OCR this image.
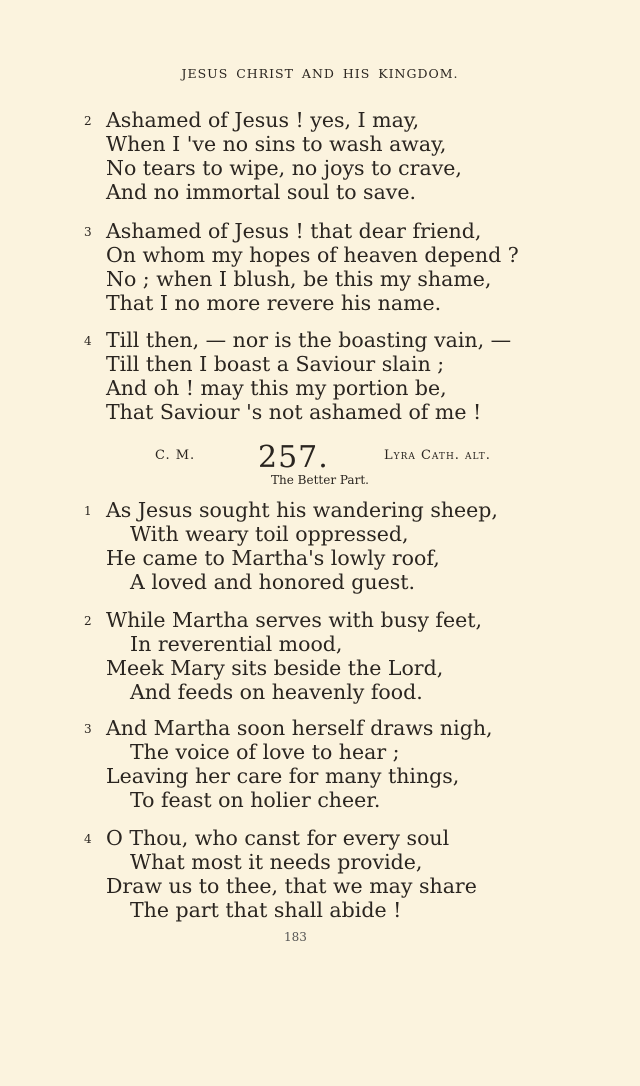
JESUS CHRIST AND HIS KINGDOM.
2 Ashamed of Jesus ! yes, I may,
When I 've no sins to wash away,
No tears to wipe, no joys to crave,
And no immortal soul to save.
3 Ashamed of Jesus ! that dear friend,
On whom my hopes of heaven depend ?
No ; when I blush, be this my shame,
That I no more revere his name.
4 Till then, — nor is the boasting vain, —
Till then I boast a Saviour slain ;
And oh ! may this my portion be,
That Saviour 's not ashamed of me !
C. M. 257.	Lyra Cath. alt.
The Better Part.
1 As Jesus sought his wandering sheep,
With weary toil oppressed,
He came to Martha's lowly roof,
A loved and honored guest.
2 While Martha serves with busy feet,
In reverential mood,
Meek Mary sits beside the Lord,
And feeds on heavenly food.
3 And Martha soon herself draws nigh,
The voice of love to hear ;
Leaving her care for many things,
To feast on holier cheer.
4 O Thou, who canst for every soul
What most it needs provide,
Draw us to thee, that we may share
The part that shall abide !
183
